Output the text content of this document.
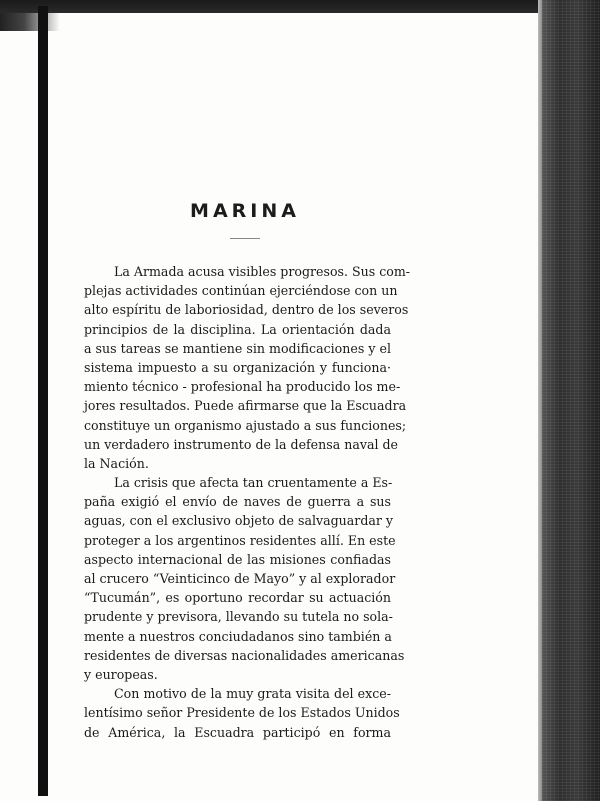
MARINA
La Armada acusa visibles progresos. Sus com-
plejas actividades continúan ejerciéndose con un
alto espíritu de laboriosidad, dentro de los severos
principios de la disciplina. La orientación dada
a sus tareas se mantiene sin modificaciones y el
sistema impuesto a su organización y funciona·
miento técnico - profesional ha producido los me-
jores resultados. Puede afirmarse que la Escuadra
constituye un organismo ajustado a sus funciones;
un verdadero instrumento de la defensa naval de
la Nación.
La crisis que afecta tan cruentamente a Es-
paña exigió el envío de naves de guerra a sus
aguas, con el exclusivo objeto de salvaguardar y
proteger a los argentinos residentes allí. En este
aspecto internacional de las misiones confiadas
al crucero “Veinticinco de Mayo” y al explorador
“Tucumán”, es oportuno recordar su actuación
prudente y previsora, llevando su tutela no sola-
mente a nuestros conciudadanos sino también a
residentes de diversas nacionalidades americanas
y europeas.
Con motivo de la muy grata visita del exce-
lentísimo señor Presidente de los Estados Unidos
de América, la Escuadra participó en forma
